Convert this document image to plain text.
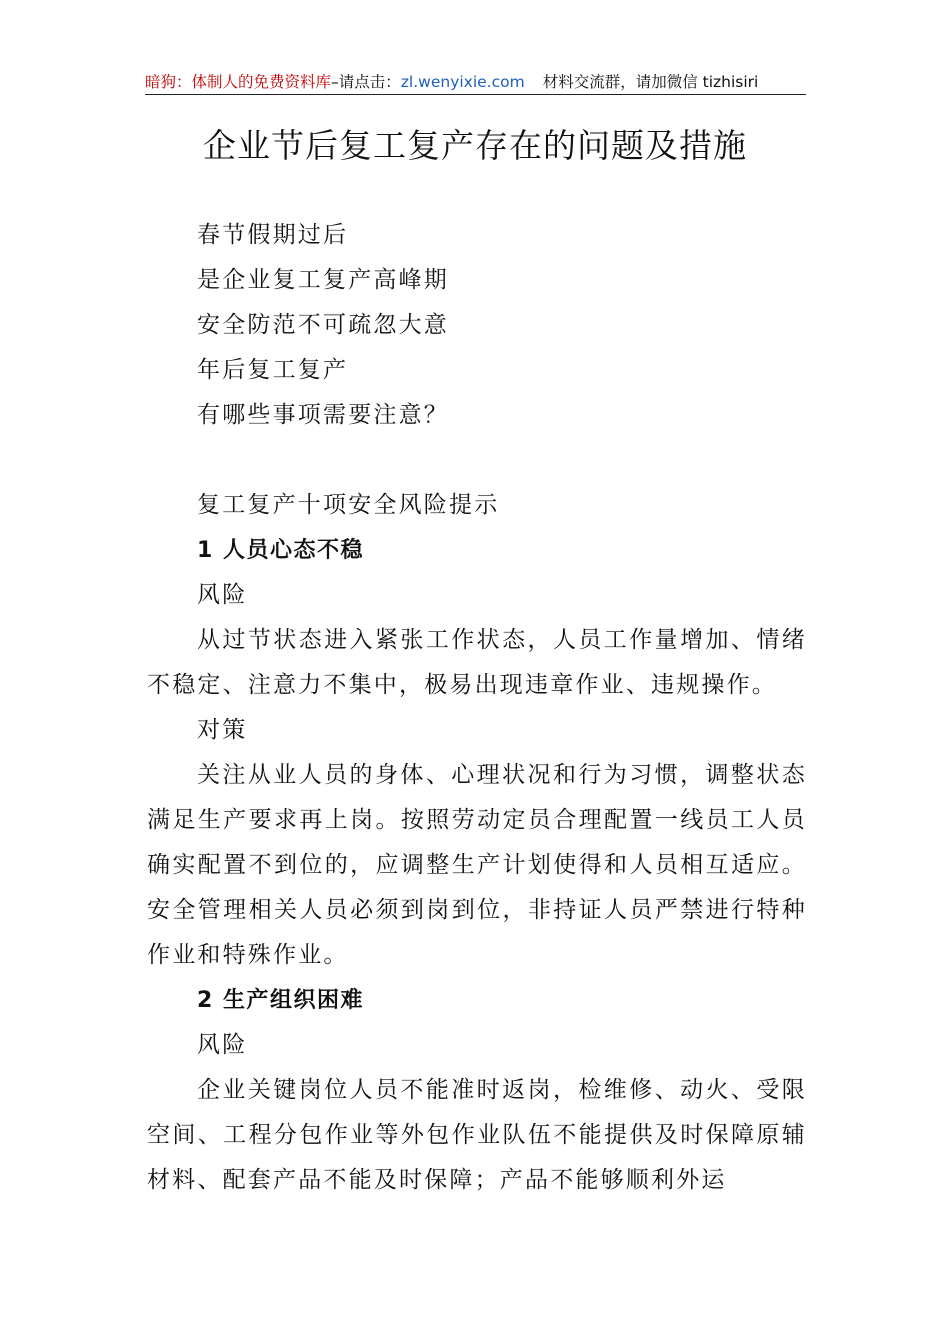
暗狗：体制人的免费资料库–请点击：zl.wenyixie.com 材料交流群，请加微信 tizhisiri
企业节后复工复产存在的问题及措施
春节假期过后
是企业复工复产高峰期
安全防范不可疏忽大意
年后复工复产
有哪些事项需要注意？
复工复产十项安全风险提示
1 人员心态不稳
风险

从过节状态进入紧张工作状态，人员工作量增加、情绪不稳定、注意力不集中，极易出现违章作业、违规操作。

对策

关注从业人员的身体、心理状况和行为习惯，调整状态满足生产要求再上岗。按照劳动定员合理配置一线员工人员确实配置不到位的，应调整生产计划使得和人员相互适应。安全管理相关人员必须到岗到位，非持证人员严禁进行特种作业和特殊作业。

2 生产组织困难
风险

企业关键岗位人员不能准时返岗，检维修、动火、受限空间、工程分包作业等外包作业队伍不能提供及时保障原辅材料、配套产品不能及时保障；产品不能够顺利外运
